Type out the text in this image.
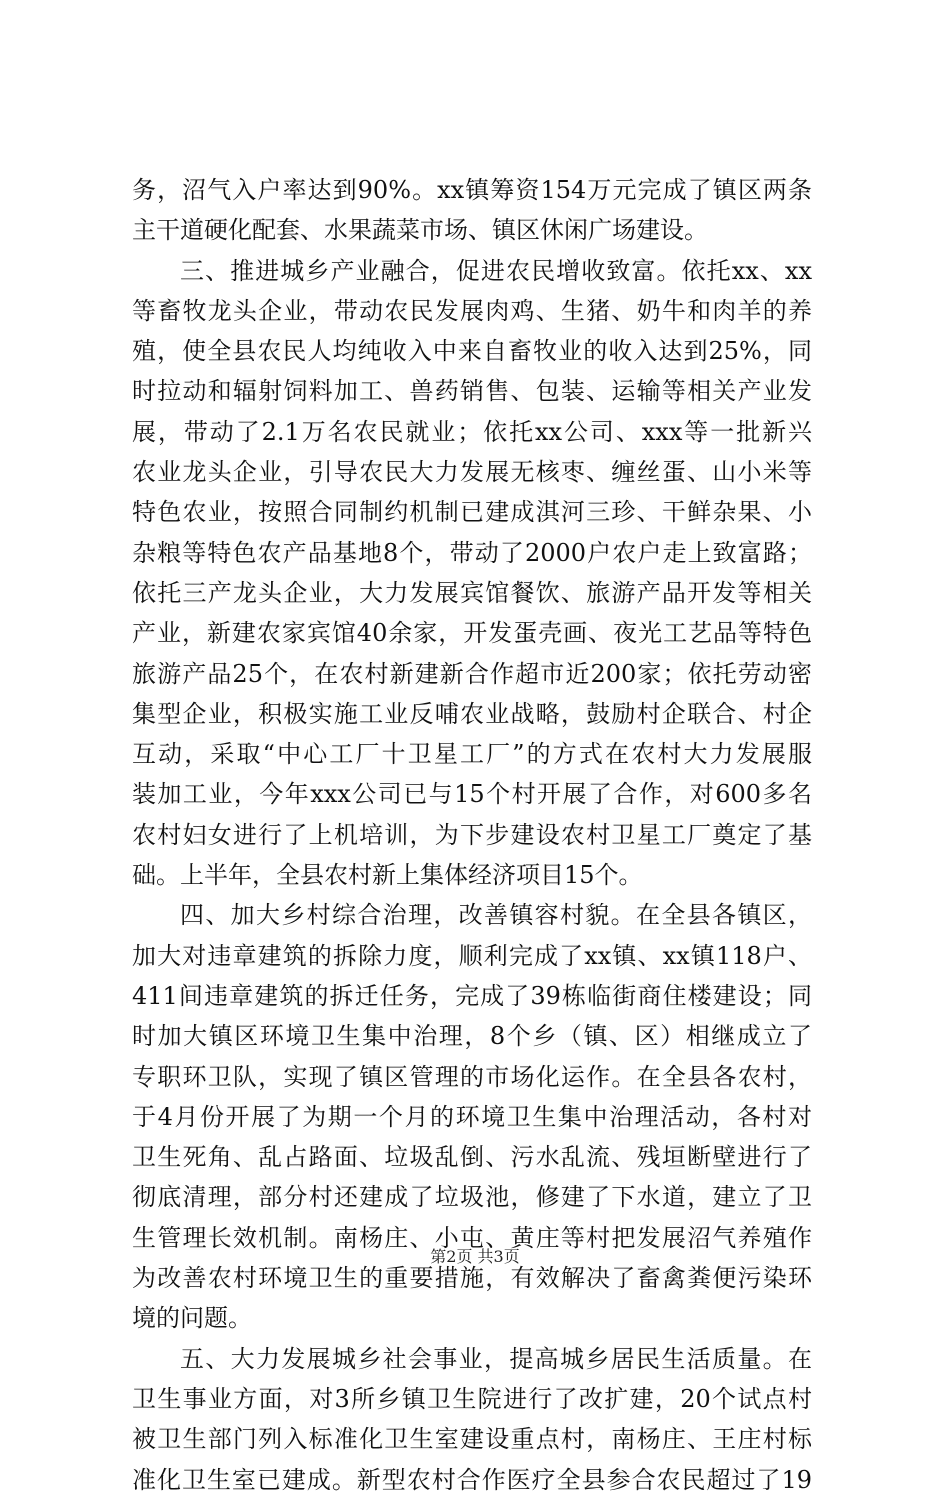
务，沼气入户率达到90%。xx镇筹资154万元完成了镇区两条
主干道硬化配套、水果蔬菜市场、镇区休闲广场建设。
三、推进城乡产业融合，促进农民增收致富。依托xx、xx
等畜牧龙头企业，带动农民发展肉鸡、生猪、奶牛和肉羊的养
殖，使全县农民人均纯收入中来自畜牧业的收入达到25%，同
时拉动和辐射饲料加工、兽药销售、包装、运输等相关产业发
展，带动了2.1万名农民就业；依托xx公司、xxx等一批新兴
农业龙头企业，引导农民大力发展无核枣、缠丝蛋、山小米等
特色农业，按照合同制约机制已建成淇河三珍、干鲜杂果、小
杂粮等特色农产品基地8个，带动了2000户农户走上致富路；
依托三产龙头企业，大力发展宾馆餐饮、旅游产品开发等相关
产业，新建农家宾馆40余家，开发蛋壳画、夜光工艺品等特色
旅游产品25个，在农村新建新合作超市近200家；依托劳动密
集型企业，积极实施工业反哺农业战略，鼓励村企联合、村企
互动，采取“中心工厂十卫星工厂”的方式在农村大力发展服
装加工业，今年xxx公司已与15个村开展了合作，对600多名
农村妇女进行了上机培训，为下步建设农村卫星工厂奠定了基
础。上半年，全县农村新上集体经济项目15个。
四、加大乡村综合治理，改善镇容村貌。在全县各镇区，
加大对违章建筑的拆除力度，顺利完成了xx镇、xx镇118户、
411间违章建筑的拆迁任务，完成了39栋临街商住楼建设；同
时加大镇区环境卫生集中治理，8个乡（镇、区）相继成立了
专职环卫队，实现了镇区管理的市场化运作。在全县各农村，
于4月份开展了为期一个月的环境卫生集中治理活动，各村对
卫生死角、乱占路面、垃圾乱倒、污水乱流、残垣断壁进行了
彻底清理，部分村还建成了垃圾池，修建了下水道，建立了卫
生管理长效机制。南杨庄、小屯、黄庄等村把发展沼气养殖作
为改善农村环境卫生的重要措施，有效解决了畜禽粪便污染环
境的问题。
五、大力发展城乡社会事业，提高城乡居民生活质量。在
卫生事业方面，对3所乡镇卫生院进行了改扩建，20个试点村
被卫生部门列入标准化卫生室建设重点村，南杨庄、王庄村标
准化卫生室已建成。新型农村合作医疗全县参合农民超过了19
第2页 共3页
